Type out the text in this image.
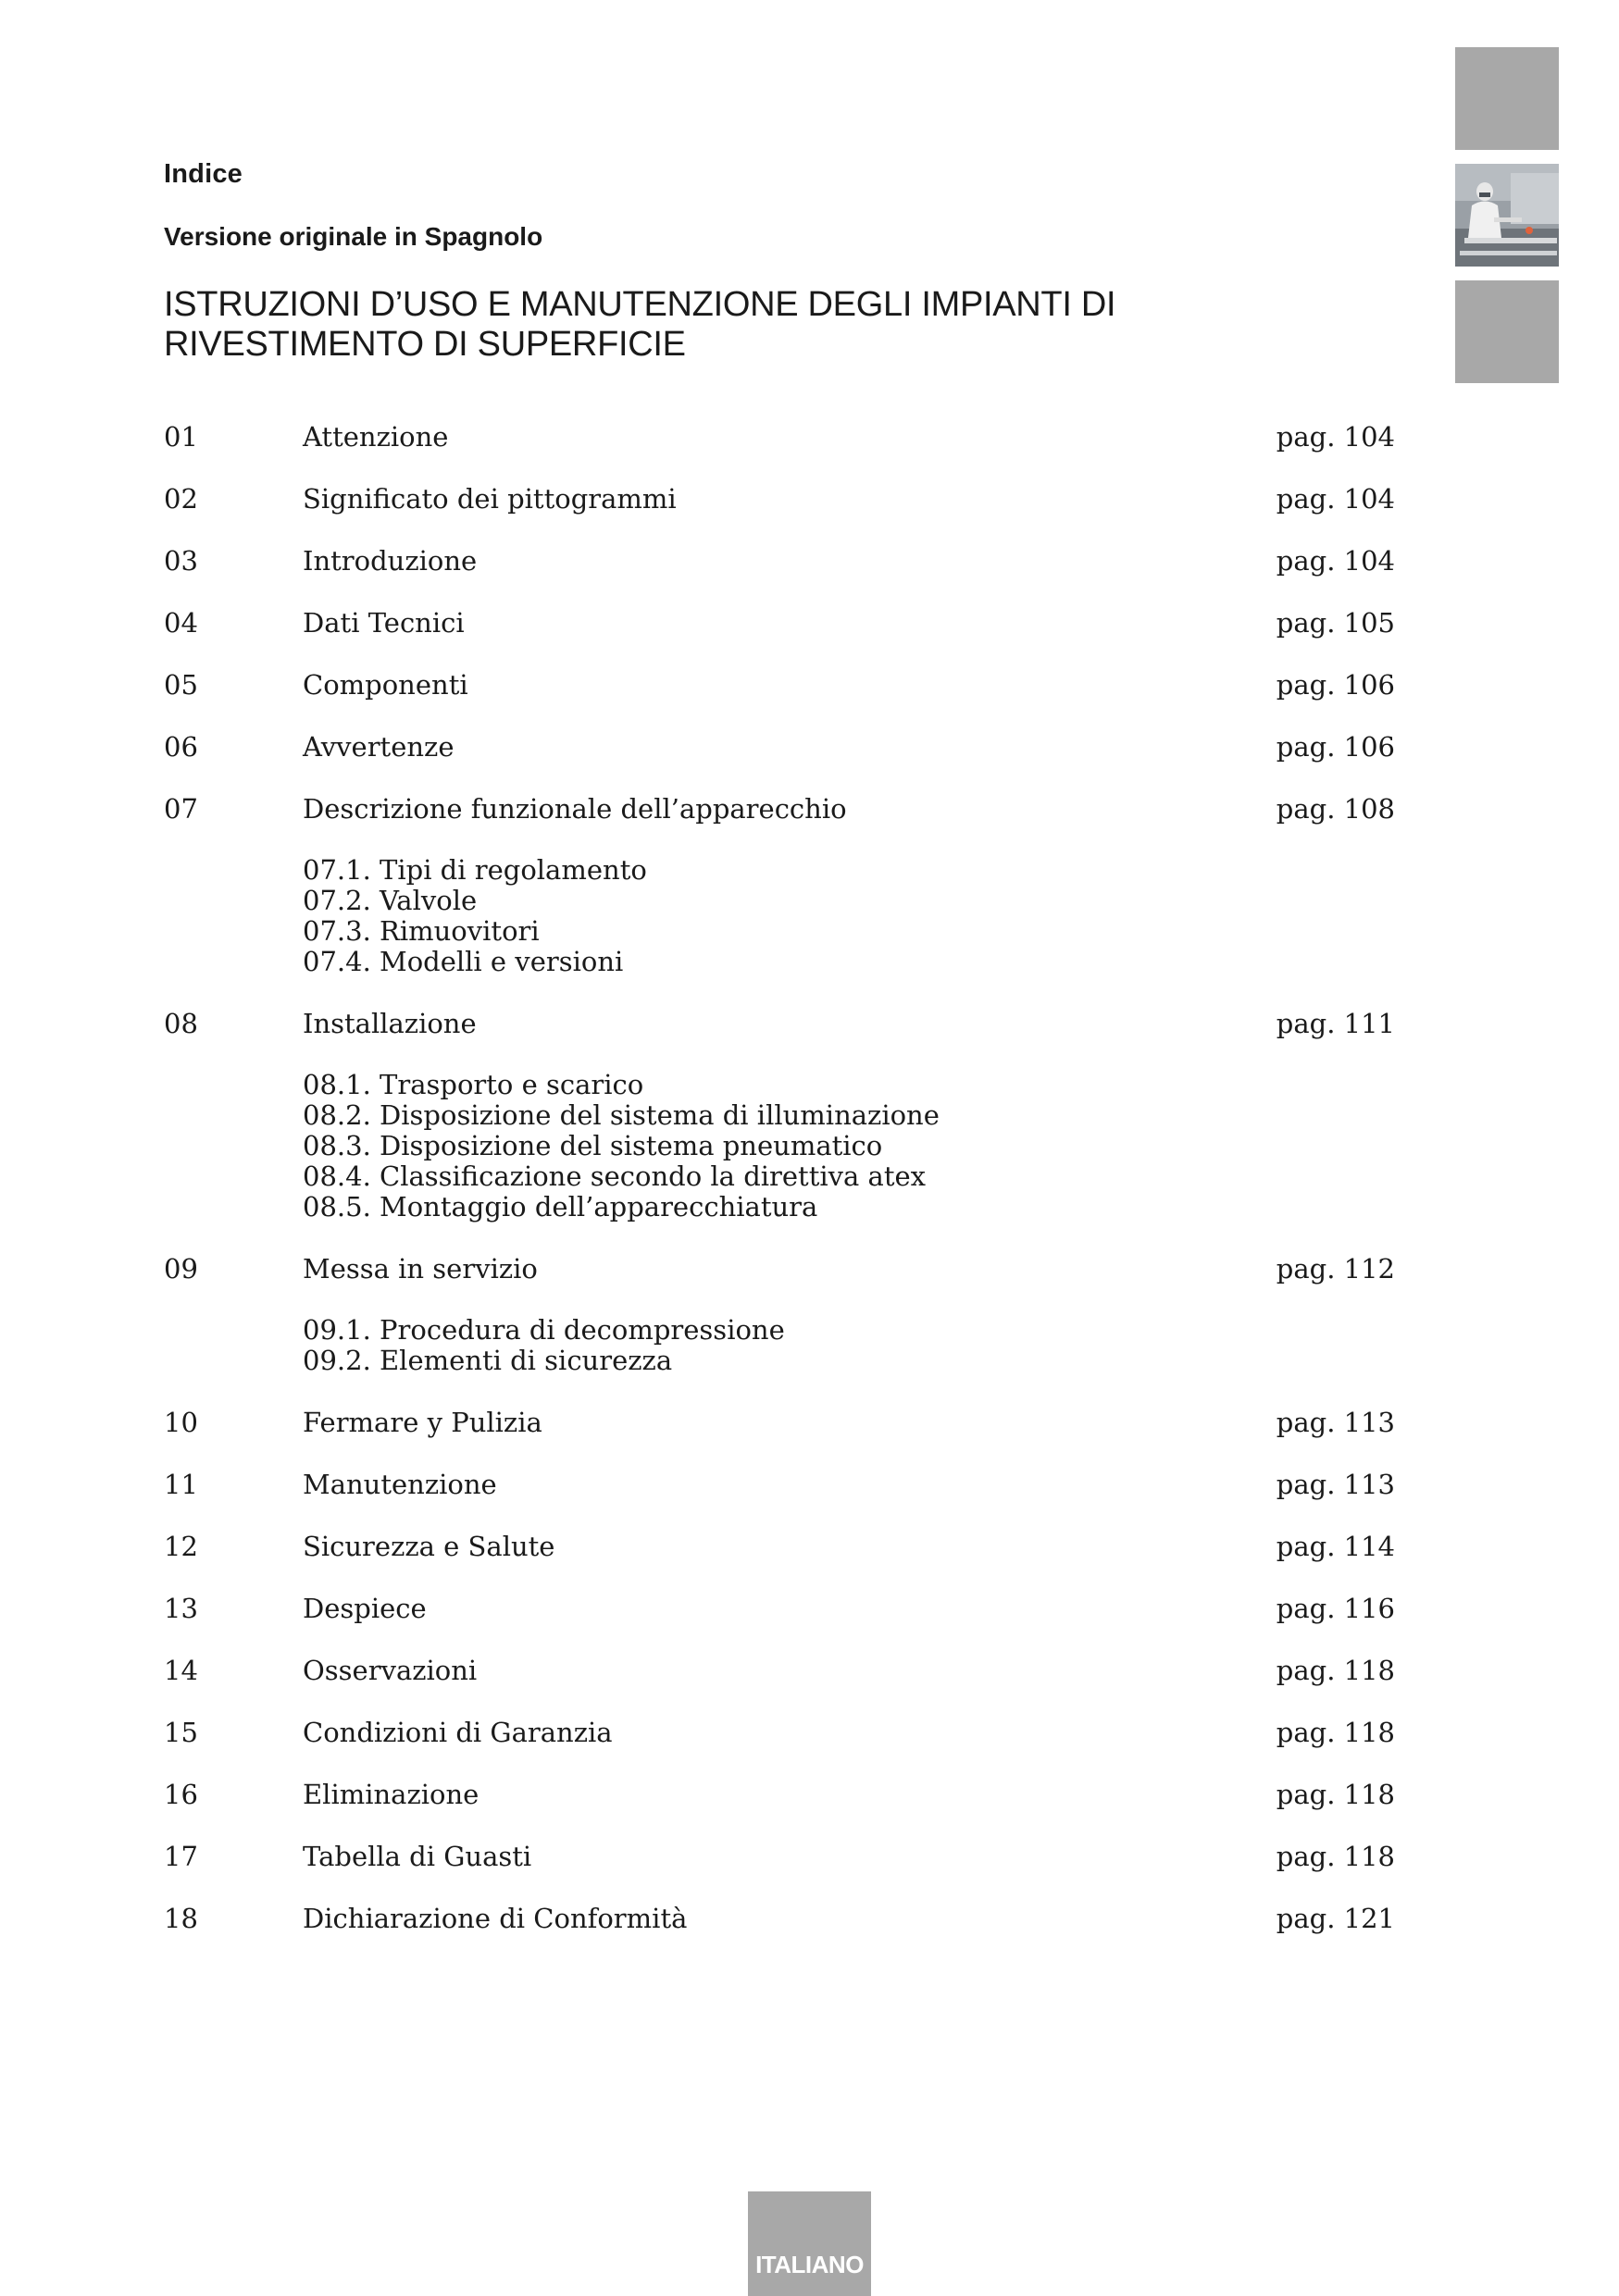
Indice
Versione originale in Spagnolo
ISTRUZIONI D’USO E MANUTENZIONE DEGLI IMPIANTI DI
RIVESTIMENTO DI SUPERFICIE
01	Attenzione	pag. 104
02	Significato dei pittogrammi	pag. 104
03	Introduzione	pag. 104
04	Dati Tecnici	pag. 105
05	Componenti	pag. 106
06	Avvertenze	pag. 106
07	Descrizione funzionale dell’apparecchio	pag. 108
07.1. Tipi di regolamento
07.2. Valvole
07.3. Rimuovitori
07.4. Modelli e versioni
08	Installazione	pag. 111
08.1. Trasporto e scarico
08.2. Disposizione del sistema di illuminazione
08.3. Disposizione del sistema pneumatico
08.4. Classificazione secondo la direttiva atex
08.5. Montaggio dell’apparecchiatura
09	Messa in servizio	pag. 112
09.1. Procedura di decompressione
09.2. Elementi di sicurezza
10	Fermare y Pulizia	pag. 113
11	Manutenzione	pag. 113
12	Sicurezza e Salute	pag. 114
13	Despiece	pag. 116
14	Osservazioni	pag. 118
15	Condizioni di Garanzia	pag. 118
16	Eliminazione	pag. 118
17	Tabella di Guasti	pag. 118
18	Dichiarazione di Conformità	pag. 121
ITALIANO
